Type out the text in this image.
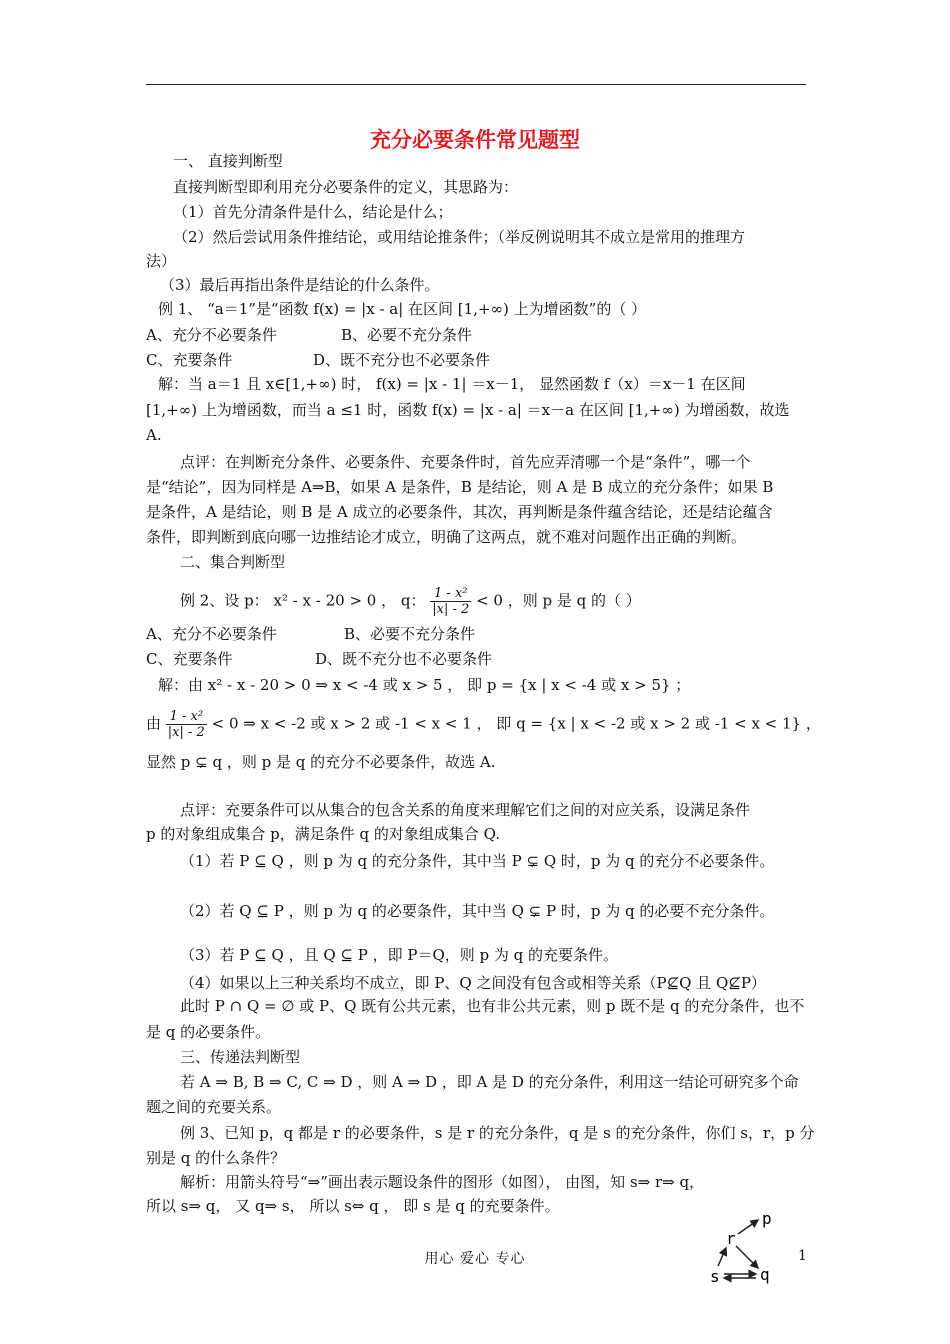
充分必要条件常见题型
一、 直接判断型
直接判断型即利用充分必要条件的定义，其思路为：
（1）首先分清条件是什么，结论是什么；
（2）然后尝试用条件推结论，或用结论推条件；（举反例说明其不成立是常用的推理方
法）
（3）最后再指出条件是结论的什么条件。
例 1、 “a＝1”是“函数 f(x) = |x - a| 在区间 [1,+∞) 上为增函数”的（ ）
A、充分不必要条件	B、必要不充分条件
C、充要条件	D、既不充分也不必要条件
解：当 a＝1 且 x∈[1,+∞) 时， f(x) = |x - 1| ＝x－1， 显然函数 f（x）＝x－1 在区间
[1,+∞) 上为增函数，而当 a ≤1 时，函数 f(x) = |x - a| ＝x－a 在区间 [1,+∞) 为增函数，故选
A.
点评：在判断充分条件、必要条件、充要条件时，首先应弄清哪一个是“条件”，哪一个
是“结论”，因为同样是 A⇒B，如果 A 是条件，B 是结论，则 A 是 B 成立的充分条件；如果 B
是条件，A 是结论，则 B 是 A 成立的必要条件，其次，再判断是条件蕴含结论，还是结论蕴含
条件，即判断到底向哪一边推结论才成立，明确了这两点，就不难对问题作出正确的判断。
二、集合判断型
例 2、设 p： x² - x - 20 > 0 ， q： $\frac{\text{1 - x²}}{|x| - 2} < 0$ ，则 p 是 q 的（ ）
A、充分不必要条件	B、必要不充分条件
C、充要条件	D、既不充分也不必要条件
解：由 x² - x - 20 > 0 ⇒ x < -4 或 x > 5 ， 即 p = {x | x < -4 或 x > 5} ；
由 $\frac{\text{1 - x²}}{|x| - 2} < 0$ ⇒ x < -2 或 x > 2 或 -1 < x < 1 ， 即 q = {x | x < -2 或 x > 2 或 -1 < x < 1} ，
显然 p ⊊ q ，则 p 是 q 的充分不必要条件，故选 A.
点评：充要条件可以从集合的包含关系的角度来理解它们之间的对应关系，设满足条件
p 的对象组成集合 p，满足条件 q 的对象组成集合 Q.
（1）若 P ⊆ Q ，则 p 为 q 的充分条件，其中当 P ⊊ Q 时，p 为 q 的充分不必要条件。
（2）若 Q ⊆ P ，则 p 为 q 的必要条件，其中当 Q ⊊ P 时，p 为 q 的必要不充分条件。
（3）若 P ⊆ Q ，且 Q ⊆ P ，即 P＝Q，则 p 为 q 的充要条件。
（4）如果以上三种关系均不成立，即 P、Q 之间没有包含或相等关系（P⊈Q 且 Q⊈P）
此时 P ∩ Q = ∅ 或 P、Q 既有公共元素，也有非公共元素，则 p 既不是 q 的充分条件，也不
是 q 的必要条件。
三、传递法判断型
若 A ⇒ B, B ⇒ C, C ⇒ D ，则 A ⇒ D ，即 A 是 D 的充分条件，利用这一结论可研究多个命
题之间的充要关系。
例 3、已知 p，q 都是 r 的必要条件，s 是 r 的充分条件，q 是 s 的充分条件，你们 s，r，p 分
别是 q 的什么条件？
解析：用箭头符号“⇒”画出表示题设条件的图形（如图）， 由图，知 s⇒ r⇒ q，
所以 s⇒ q， 又 q⇒ s， 所以 s⇔ q ， 即 s 是 q 的充要条件。
p
r
s	q
用心 爱心 专心	1
